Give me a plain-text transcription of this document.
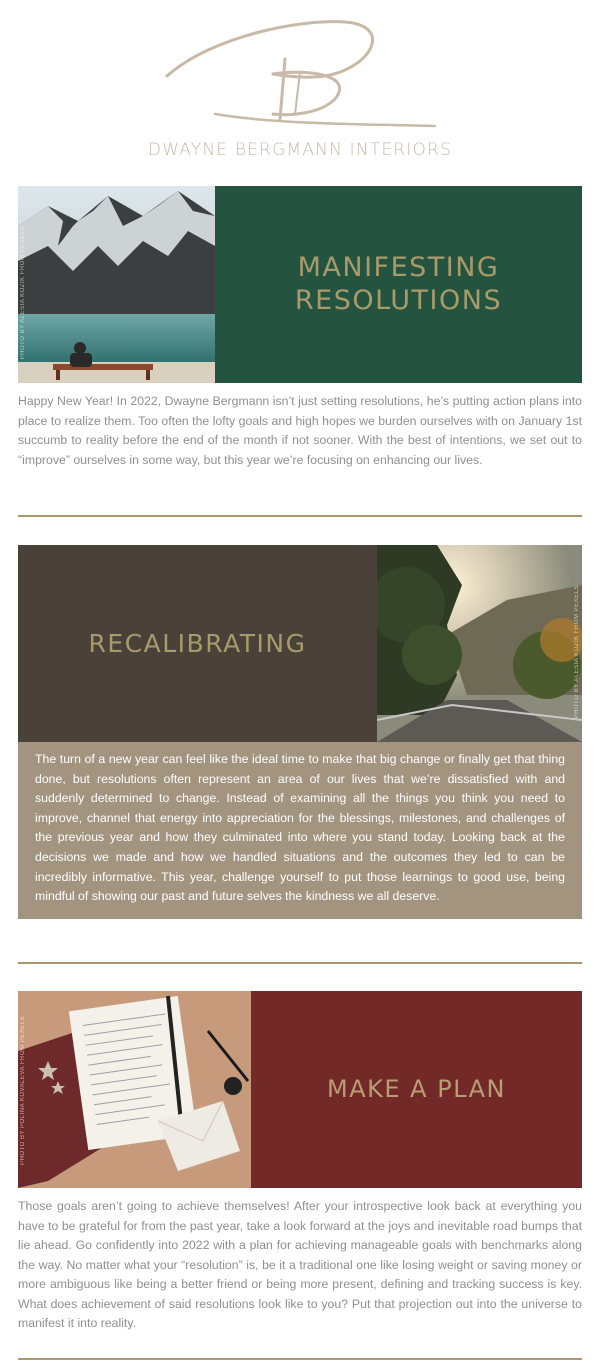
DWAYNE BERGMANN INTERIORS
PHOTO BY ALESIA KOZIK FROM PEXELS	MANIFESTING
RESOLUTIONS
Happy New Year! In 2022, Dwayne Bergmann isn’t just setting resolutions, he’s putting action plans into place to realize them. Too often the lofty goals and high hopes we burden ourselves with on January 1st succumb to reality before the end of the month if not sooner. With the best of intentions, we set out to “improve” ourselves in some way, but this year we’re focusing on enhancing our lives.
RECALIBRATING	PHOTO BY ALESIA KOZIK FROM PEXELS
The turn of a new year can feel like the ideal time to make that big change or finally get that thing done, but resolutions often represent an area of our lives that we’re dissatisfied with and suddenly determined to change. Instead of examining all the things you think you need to improve, channel that energy into appreciation for the blessings, milestones, and challenges of the previous year and how they culminated into where you stand today. Looking back at the decisions we made and how we handled situations and the outcomes they led to can be incredibly informative. This year, challenge yourself to put those learnings to good use, being mindful of showing our past and future selves the kindness we all deserve.
PHOTO BY POLINA KOVALEVA FROM PEXELS	MAKE A PLAN
Those goals aren’t going to achieve themselves! After your introspective look back at everything you have to be grateful for from the past year, take a look forward at the joys and inevitable road bumps that lie ahead. Go confidently into 2022 with a plan for achieving manageable goals with benchmarks along the way. No matter what your “resolution” is, be it a traditional one like losing weight or saving money or more ambiguous like being a better friend or being more present, defining and tracking success is key. What does achievement of said resolutions look like to you? Put that projection out into the universe to manifest it into reality.
